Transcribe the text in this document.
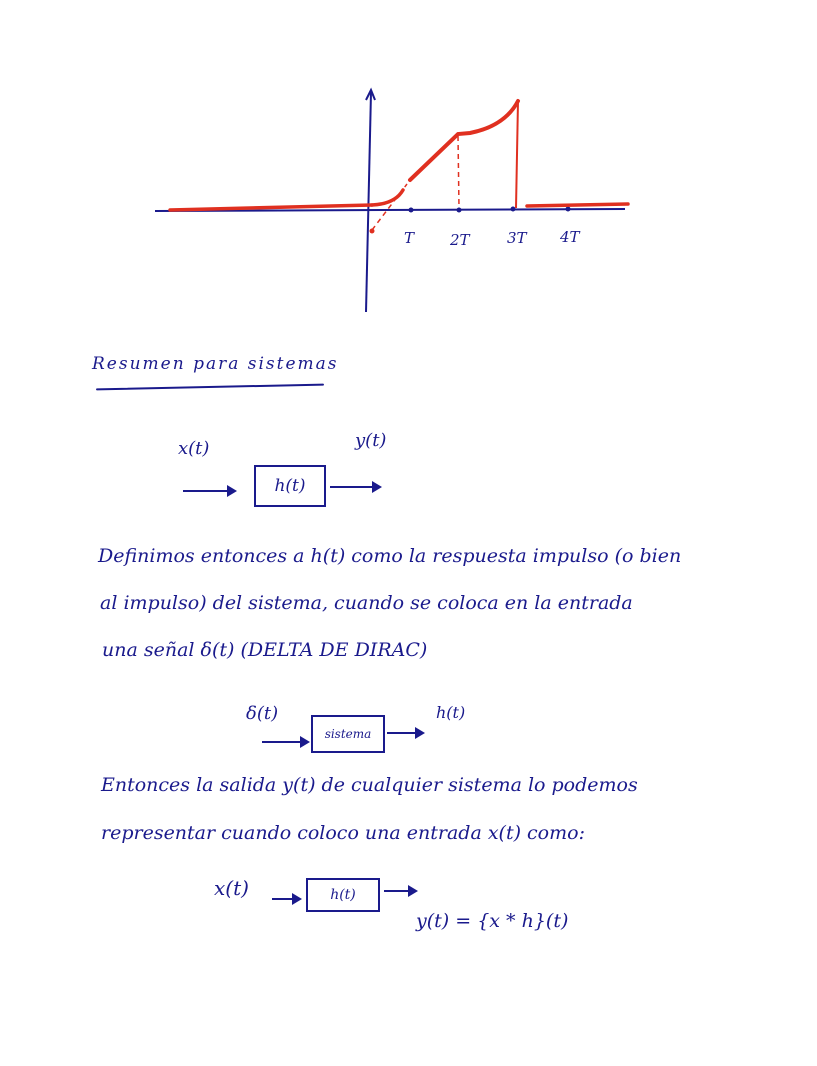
T 2T 3T 4T
Resumen para sistemas
x(t)	y(t)
h(t)
Definimos entonces a h(t) como la respuesta impulso (o bien
al impulso) del sistema, cuando se coloca en la entrada
una señal δ(t) (DELTA DE DIRAC)
δ(t)	h(t)
sistema
Entonces la salida y(t) de cualquier sistema lo podemos
representar cuando coloco una entrada x(t) como:
x(t)	h(t)
y(t) = {x * h}(t)
